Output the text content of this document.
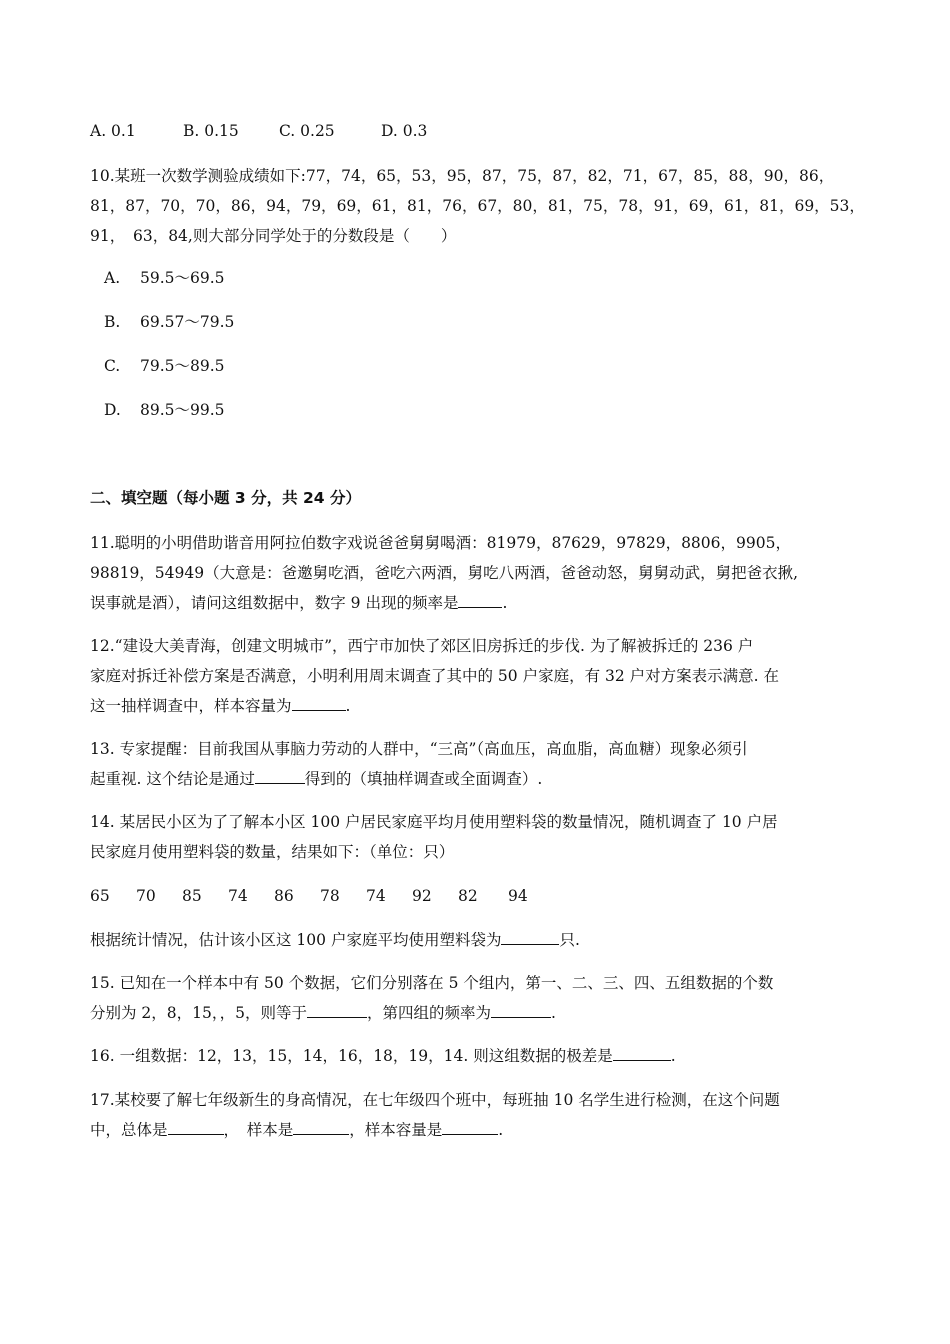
A. 0.1	B. 0.15	C. 0.25	D. 0.3
10.某班一次数学测验成绩如下:77，74，65，53，95，87，75，87，82，71，67，85，88，90，86，
81，87，70，70，86，94，79，69，61，81，76，67，80，81，75，78，91，69，61，81，69，53，
91，　63，84,则大部分同学处于的分数段是（　　）
A. 59.5～69.5
B. 69.57～79.5
C. 79.5～89.5
D. 89.5～99.5
二、填空题（每小题 3 分，共 24 分）
11.聪明的小明借助谐音用阿拉伯数字戏说爸爸舅舅喝酒：81979，87629，97829，8806，9905，
98819，54949（大意是：爸邀舅吃酒，爸吃六两酒，舅吃八两酒，爸爸动怒，舅舅动武，舅把爸衣揪,
误事就是酒），请问这组数据中，数字 9 出现的频率是	.
12.“建设大美青海，创建文明城市”，西宁市加快了郊区旧房拆迁的步伐. 为了解被拆迁的 236 户
家庭对拆迁补偿方案是否满意，小明利用周末调查了其中的 50 户家庭，有 32 户对方案表示满意. 在
这一抽样调查中，样本容量为	.
13. 专家提醒：目前我国从事脑力劳动的人群中，“三高”（高血压，高血脂，高血糖）现象必须引
起重视. 这个结论是通过	得到的（填抽样调查或全面调查）.
14. 某居民小区为了了解本小区 100 户居民家庭平均月使用塑料袋的数量情况，随机调查了 10 户居
民家庭月使用塑料袋的数量，结果如下：（单位：只）
65 70 85 74 86 78 74 92 82 94
根据统计情况，估计该小区这 100 户家庭平均使用塑料袋为	只.
15. 已知在一个样本中有 50 个数据，它们分别落在 5 个组内，第一、二、三、四、五组数据的个数
分别为 2，8，15，，5，则等于	，第四组的频率为	.
16. 一组数据：12，13，15，14，16，18，19，14. 则这组数据的极差是	.
17.某校要了解七年级新生的身高情况，在七年级四个班中，每班抽 10 名学生进行检测，在这个问题
中，总体是	，　样本是	，样本容量是	.
